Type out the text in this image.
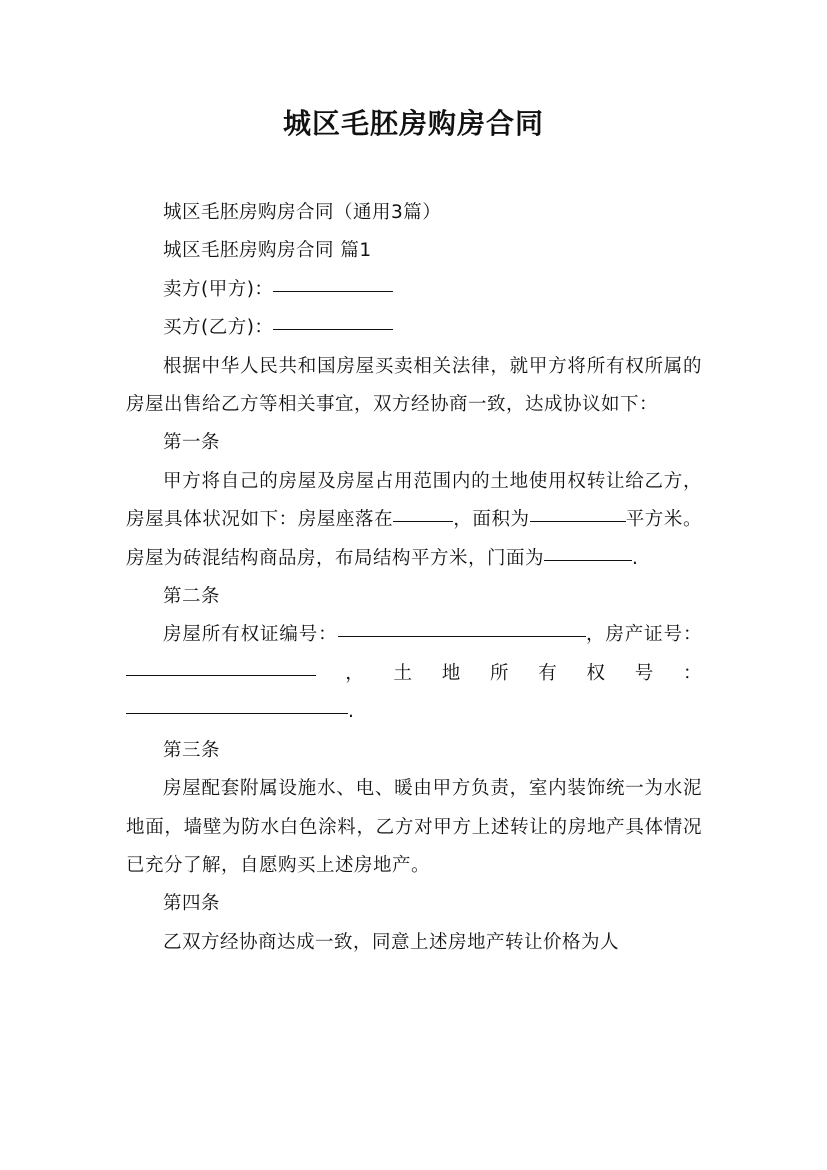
城区毛胚房购房合同

城区毛胚房购房合同（通用3篇）

城区毛胚房购房合同 篇1

卖方(甲方)：

买方(乙方)：

根据中华人民共和国房屋买卖相关法律，就甲方将所有权所属的房屋出售给乙方等相关事宜，双方经协商一致，达成协议如下：

第一条

甲方将自己的房屋及房屋占用范围内的土地使用权转让给乙方，房屋具体状况如下：房屋座落在	，面积为	平方米。房屋为砖混结构商品房，布局结构平方米，门面为	.

第二条

房屋所有权证编号：	，房产证号：，土地所有权号：

.

第三条

房屋配套附属设施水、电、暖由甲方负责，室内装饰统一为水泥地面，墙壁为防水白色涂料，乙方对甲方上述转让的房地产具体情况已充分了解，自愿购买上述房地产。

第四条

乙双方经协商达成一致，同意上述房地产转让价格为人
